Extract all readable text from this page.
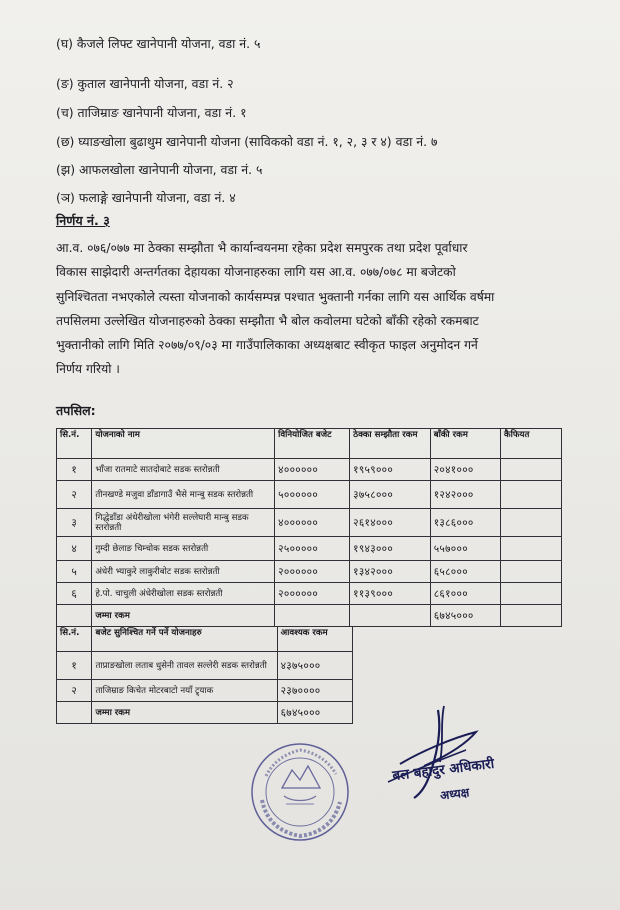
(घ) कैजले लिफ्ट खानेपानी योजना, वडा नं. ५
(ङ) कुताल खानेपानी योजना, वडा नं. २
(च) ताजिम्राङ खानेपानी योजना, वडा नं. १
(छ) घ्याङखोला बुढाथुम खानेपानी योजना (साविकको वडा नं. १, २, ३ र ४) वडा नं. ७
(झ) आफलखोला खानेपानी योजना, वडा नं. ५
(ञ) फलाङ्गे खानेपानी योजना, वडा नं. ४
निर्णय नं. ३
आ.व. ०७६/०७७ मा ठेक्का सम्झौता भै कार्यान्वयनमा रहेका प्रदेश समपुरक तथा प्रदेश पूर्वाधार
विकास साझेदारी अन्तर्गतका देहायका योजनाहरुका लागि यस आ.व. ०७७/०७८ मा बजेटको
सुनिश्चितता नभएकोले त्यस्ता योजनाको कार्यसम्पन्न पश्चात भुक्तानी गर्नका लागि यस आर्थिक वर्षमा
तपसिलमा उल्लेखित योजनाहरुको ठेक्का सम्झौता भै बोल कवोलमा घटेको बाँकी रहेको रकमबाट
भुक्तानीको लागि मिति २०७७/०९/०३ मा गाउँपालिकाका अध्यक्षबाट स्वीकृत फाइल अनुमोदन गर्ने
निर्णय गरियो ।
तपसिल:
सि.नं.	योजनाको नाम	विनियोजित बजेट	ठेक्का सम्झौता रकम	बाँकी रकम	कैफियत
१	भाँजा रातमाटे सातदोबाटे सडक स्तरोन्नती	४००००००	१९५९०००	२०४१०००	
२	तीनखण्डे मजुवा डाँडागाउँ भैसे मान्बु सडक स्तरोन्नती	५००००००	३७५८०००	१२४२०००	
३	गिद्धेडाँडा अंधेरीखोला भंगेरी सल्लेघारी मान्बु सडक स्तरोन्नती	४००००००	२६१४०००	१३८६०००	
४	गुम्दी छेलाङ चिम्चोक सडक स्तरोन्नती	२५०००००	१९४३०००	५५७०००	
५	अंधेरी भ्याकुरे लाकुरीबोट सडक स्तरोन्नती	२००००००	१३४२०००	६५८०००	
६	हे.पो. चाचुली अंधेरीखोला सडक स्तरोन्नती	२००००००	११३९०००	८६१०००	
	जम्मा रकम			६७४५०००	
सि.नं.	बजेट सुनिश्चित गर्ने पर्ने योजनाहरु	आवश्यक रकम
१	ताप्राङखोला लताब धुसेनी तावल सल्लेरी सडक स्तरोन्नती	४३७५०००
२	ताजिम्राङ किचेत मोटरबाटो नयाँ ट्र्याक	२३७००००
	जम्मा रकम	६७४५०००
बल बहादुर अधिकारी
अध्यक्ष
